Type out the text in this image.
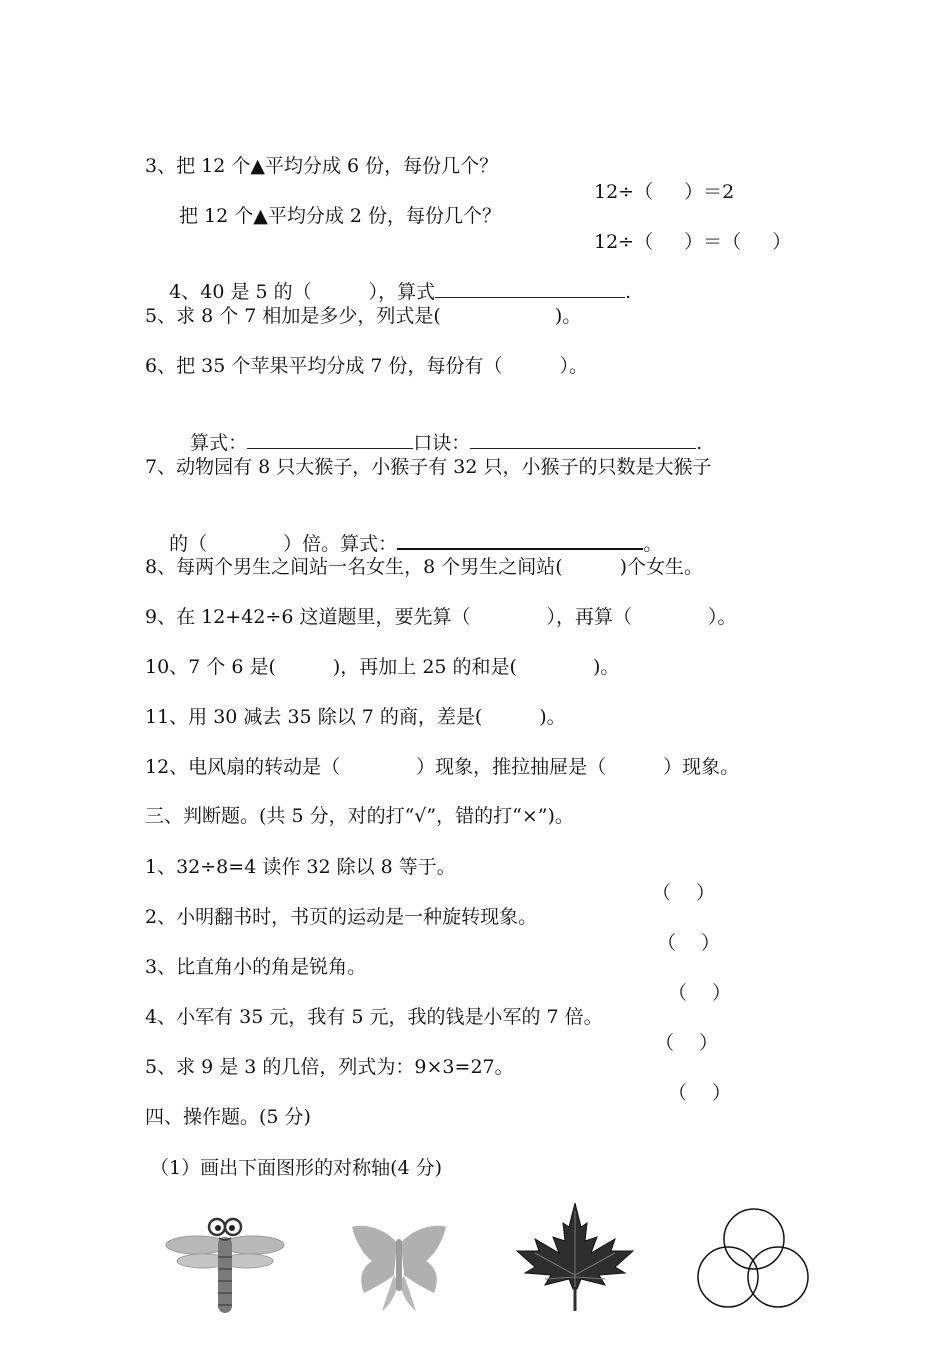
3、把 12 个▲平均分成 6 份，每份几个？

12÷（　  ）＝2

把 12 个▲平均分成 2 份，每份几个？

12÷（　  ）＝（　  ）

4、40 是 5 的（　　　），算式	.

5、求 8 个 7 相加是多少，列式是(　　　　　　)。

6、把 35 个苹果平均分成 7 份，每份有（　　　）。

算式：	口诀：	.

7、动物园有 8 只大猴子，小猴子有 32 只，小猴子的只数是大猴子

的（　　　　）倍。算式：	。

8、每两个男生之间站一名女生，8 个男生之间站(　　　)个女生。

9、在 12+42÷6 这道题里，要先算（　　　　），再算（　　　　）。

10、7 个 6 是(　　　)，再加上 25 的和是(　　　　)。

11、用 30 减去 35 除以 7 的商，差是(　　　)。

12、电风扇的转动是（　　　　）现象，推拉抽屉是（　　　）现象。

三、判断题。(共 5 分，对的打“√”，错的打“×”)。

1、32÷8=4 读作 32 除以 8 等于。

（　 ）

2、小明翻书时，书页的运动是一种旋转现象。

（　 ）

3、比直角小的角是锐角。

（　 ）

4、小军有 35 元，我有 5 元，我的钱是小军的 7 倍。

（　 ）

5、求 9 是 3 的几倍，列式为：9×3=27。

（　 ）

四、操作题。(5 分)

（1）画出下面图形的对称轴(4 分)
